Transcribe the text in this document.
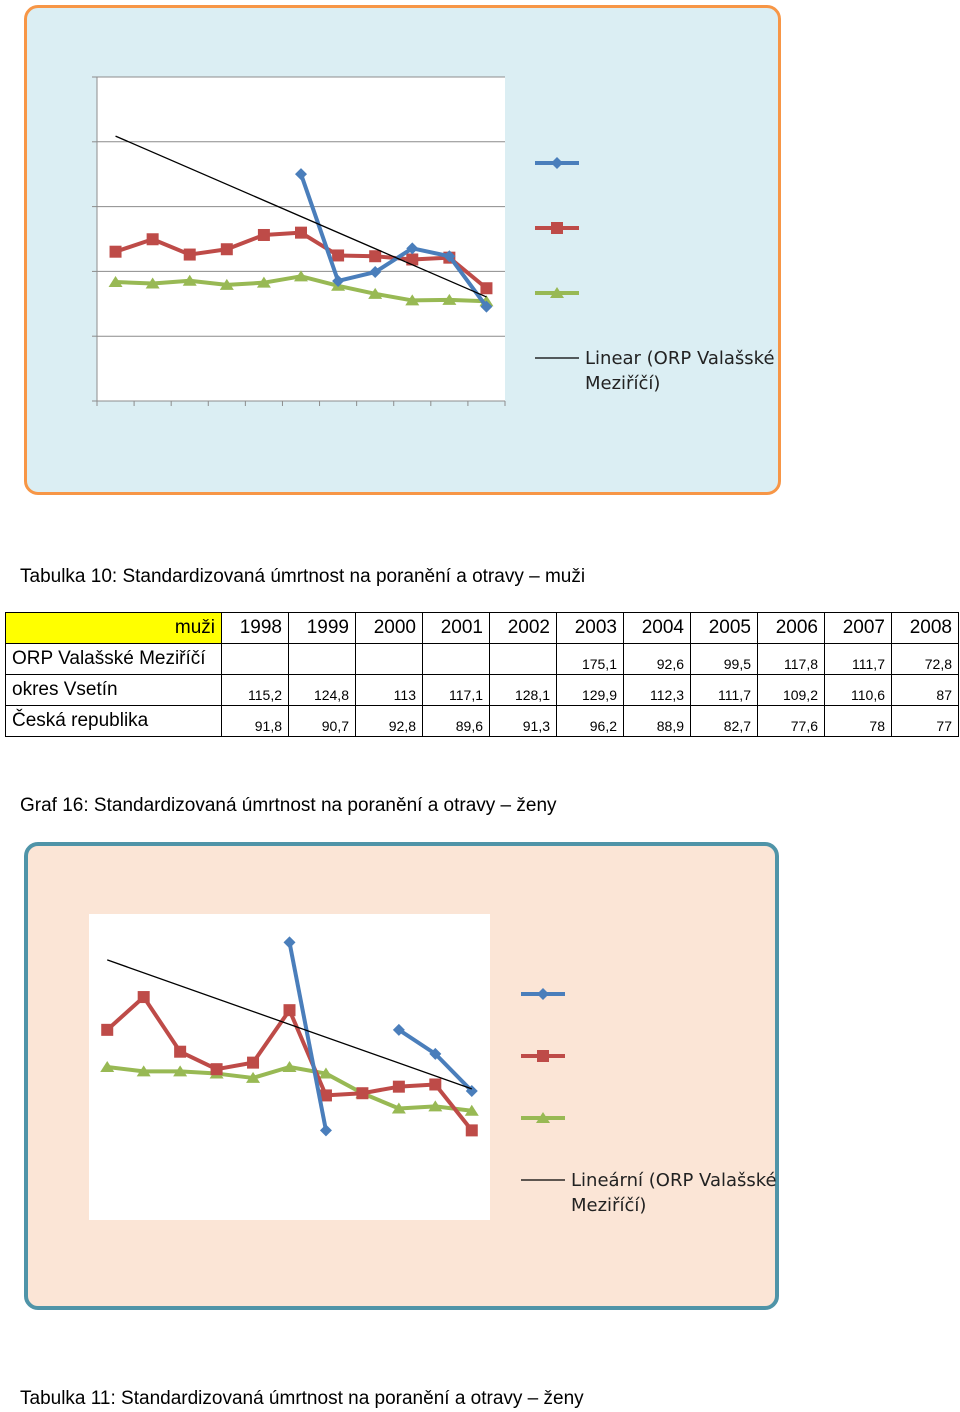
Linear (ORP Valašské Meziříčí)
Tabulka 10: Standardizovaná úmrtnost na poranění a otravy – muži
muži	1998	1999	2000	2001	2002	2003	2004	2005	2006	2007	2008
ORP Valašské Meziříčí						175,1	92,6	99,5	117,8	111,7	72,8
okres Vsetín	115,2	124,8	113	117,1	128,1	129,9	112,3	111,7	109,2	110,6	87
Česká republika	91,8	90,7	92,8	89,6	91,3	96,2	88,9	82,7	77,6	78	77
Graf 16: Standardizovaná úmrtnost na poranění a otravy – ženy
Lineární (ORP Valašské Meziříčí)
Tabulka 11: Standardizovaná úmrtnost na poranění a otravy – ženy
